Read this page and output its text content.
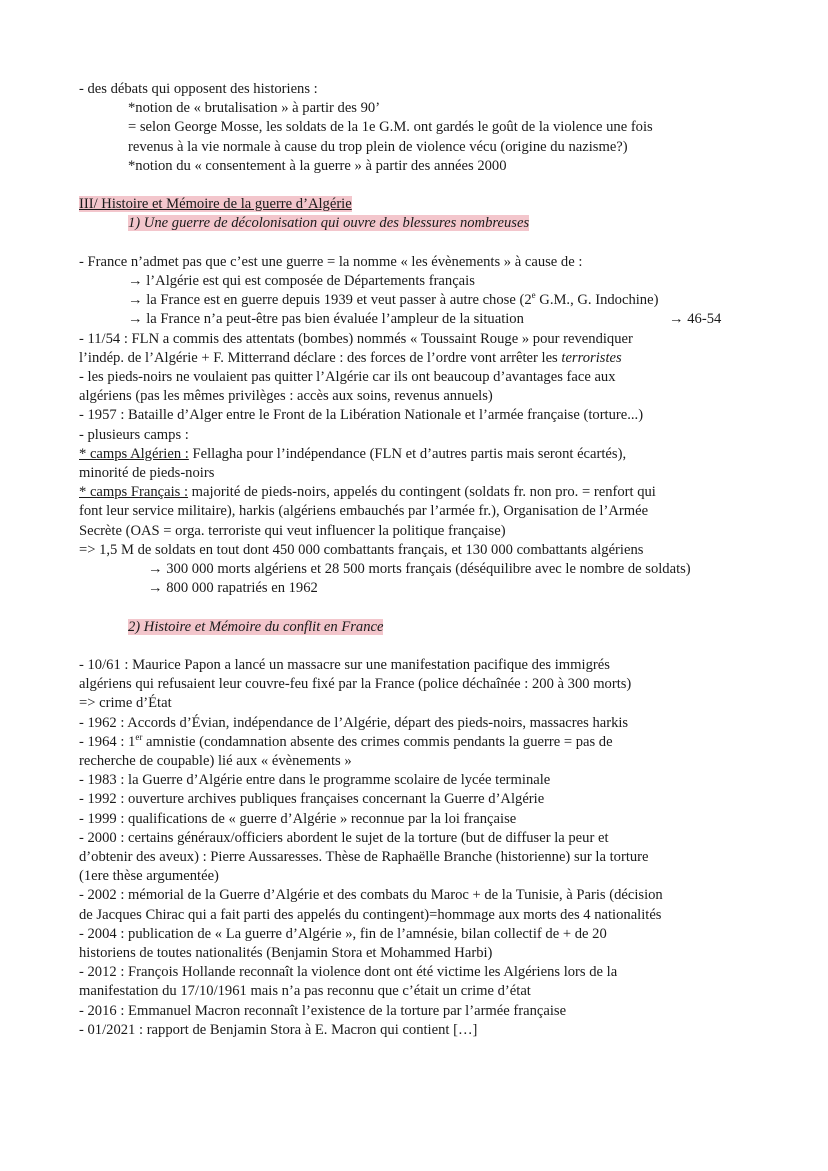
- des débats qui opposent des historiens :
*notion de « brutalisation » à partir des 90’
= selon George Mosse, les soldats de la 1e G.M. ont gardés le goût de la violence une fois
revenus à la vie normale à cause du trop plein de violence vécu (origine du nazisme?)
*notion du « consentement à la guerre » à partir des années 2000
III/ Histoire et Mémoire de la guerre d’Algérie
1) Une guerre de décolonisation qui ouvre des blessures nombreuses
- France n’admet pas que c’est une guerre = la nomme « les évènements » à cause de :
→ l’Algérie est qui est composée de Départements français
→ la France est en guerre depuis 1939 et veut passer à autre chose (2e G.M., G. Indochine)
→ la France n’a peut-être pas bien évaluée l’ampleur de la situation	→ 46-54
- 11/54 : FLN a commis des attentats (bombes) nommés « Toussaint Rouge » pour revendiquer
l’indép. de l’Algérie + F. Mitterrand déclare : des forces de l’ordre vont arrêter les terroristes
- les pieds-noirs ne voulaient pas quitter l’Algérie car ils ont beaucoup d’avantages face aux
algériens (pas les mêmes privilèges : accès aux soins, revenus annuels)
- 1957 : Bataille d’Alger entre le Front de la Libération Nationale et l’armée française (torture...)
- plusieurs camps :
* camps Algérien : Fellagha pour l’indépendance (FLN et d’autres partis mais seront écartés),
minorité de pieds-noirs
* camps Français : majorité de pieds-noirs, appelés du contingent (soldats fr. non pro. = renfort qui
font leur service militaire), harkis (algériens embauchés par l’armée fr.), Organisation de l’Armée
Secrète (OAS = orga. terroriste qui veut influencer la politique française)
=> 1,5 M de soldats en tout dont 450 000 combattants français, et 130 000 combattants algériens
→ 300 000 morts algériens et 28 500 morts français (déséquilibre avec le nombre de soldats)
→ 800 000 rapatriés en 1962
2) Histoire et Mémoire du conflit en France
- 10/61 : Maurice Papon a lancé un massacre sur une manifestation pacifique des immigrés
algériens qui refusaient leur couvre-feu fixé par la France (police déchaînée : 200 à 300 morts)
=> crime d’État
- 1962 : Accords d’Évian, indépendance de l’Algérie, départ des pieds-noirs, massacres harkis
- 1964 : 1er amnistie (condamnation absente des crimes commis pendants la guerre = pas de
recherche de coupable) lié aux « évènements »
- 1983 : la Guerre d’Algérie entre dans le programme scolaire de lycée terminale
- 1992 : ouverture archives publiques françaises concernant la Guerre d’Algérie
- 1999 : qualifications de « guerre d’Algérie » reconnue par la loi française
- 2000 : certains généraux/officiers abordent le sujet de la torture (but de diffuser la peur et
d’obtenir des aveux) : Pierre Aussaresses. Thèse de Raphaëlle Branche (historienne) sur la torture
(1ere thèse argumentée)
- 2002 : mémorial de la Guerre d’Algérie et des combats du Maroc + de la Tunisie, à Paris (décision
de Jacques Chirac qui a fait parti des appelés du contingent)=hommage aux morts des 4 nationalités
- 2004 : publication de « La guerre d’Algérie », fin de l’amnésie, bilan collectif de + de 20
historiens de toutes nationalités (Benjamin Stora et Mohammed Harbi)
- 2012 : François Hollande reconnaît la violence dont ont été victime les Algériens lors de la
manifestation du 17/10/1961 mais n’a pas reconnu que c’était un crime d’état
- 2016 : Emmanuel Macron reconnaît l’existence de la torture par l’armée française
- 01/2021 : rapport de Benjamin Stora à E. Macron qui contient […]
